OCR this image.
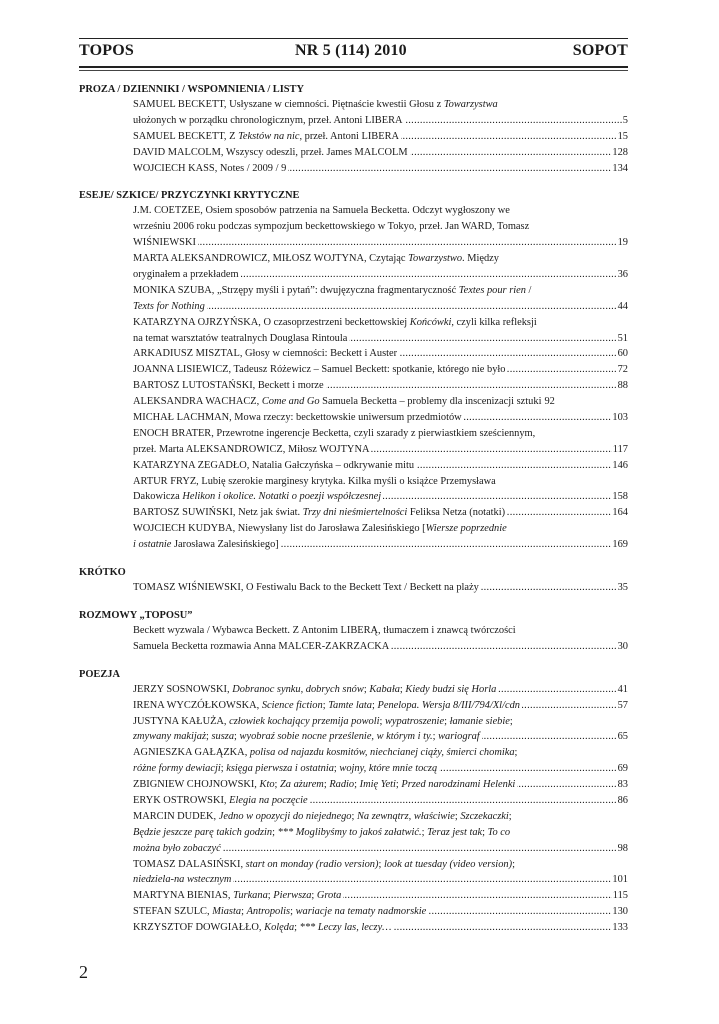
TOPOS	NR 5 (114) 2010	SOPOT
PROZA / DZIENNIKI / WSPOMNIENIA / LISTY
SAMUEL BECKETT, Usłyszane w ciemności. Piętnaście kwestii Głosu z Towarzystwa
ułożonych w porządku chronologicznym, przeł. Antoni LIBERA .....	5
SAMUEL BECKETT, Z Tekstów na nic, przeł. Antoni LIBERA .....	15
DAVID MALCOLM, Wszyscy odeszli, przeł. James MALCOLM .....	128
WOJCIECH KASS, Notes / 2009 / 9 .....	134
ESEJE/ SZKICE/ PRZYCZYNKI KRYTYCZNE
J.M. COETZEE, Osiem sposobów patrzenia na Samuela Becketta. Odczyt wygłoszony we
wrześniu 2006 roku podczas sympozjum beckettowskiego w Tokyo, przeł. Jan WARD, Tomasz
WIŚNIEWSKI .....	19
MARTA ALEKSANDROWICZ, MIŁOSZ WOJTYNA, Czytając Towarzystwo. Między
oryginałem a przekładem .....	36
MONIKA SZUBA, „Strzępy myśli i pytań”: dwujęzyczna fragmentaryczność Textes pour rien /
Texts for Nothing .....	44
KATARZYNA OJRZYŃSKA, O czasoprzestrzeni beckettowskiej Końcówki, czyli kilka refleksji
na temat warsztatów teatralnych Douglasa Rintoula .....	51
ARKADIUSZ MISZTAL, Głosy w ciemności: Beckett i Auster .....	60
JOANNA LISIEWICZ, Tadeusz Różewicz – Samuel Beckett: spotkanie, którego nie było .....	72
BARTOSZ LUTOSTAŃSKI, Beckett i morze .....	88
ALEKSANDRA WACHACZ, Come and Go Samuela Becketta – problemy dla inscenizacji sztuki 92
MICHAŁ LACHMAN, Mowa rzeczy: beckettowskie uniwersum przedmiotów .....	103
ENOCH BRATER, Przewrotne ingerencje Becketta, czyli szarady z pierwiastkiem sześciennym,
przeł. Marta ALEKSANDROWICZ, Miłosz WOJTYNA .....	117
KATARZYNA ZEGADŁO, Natalia Gałczyńska – odkrywanie mitu .....	146
ARTUR FRYZ, Lubię szerokie marginesy krytyka. Kilka myśli o książce Przemysława
Dakowicza Helikon i okolice. Notatki o poezji współczesnej .....	158
BARTOSZ SUWIŃSKI, Netz jak świat. Trzy dni nieśmiertelności Feliksa Netza (notatki) .....	164
WOJCIECH KUDYBA, Niewysłany list do Jarosława Zalesińskiego [Wiersze poprzednie
i ostatnie Jarosława Zalesińskiego] .....	169
KRÓTKO
TOMASZ WIŚNIEWSKI, O Festiwalu Back to the Beckett Text / Beckett na plaży .....	35
ROZMOWY „TOPOSU”
Beckett wyzwala / Wybawca Beckett. Z Antonim LIBERĄ, tłumaczem i znawcą twórczości
Samuela Becketta rozmawia Anna MALCER-ZAKRZACKA .....	30
POEZJA
JERZY SOSNOWSKI, Dobranoc synku, dobrych snów; Kabała; Kiedy budzi się Horla .....	41
IRENA WYCZÓŁKOWSKA, Science fiction; Tamte lata; Penelopa. Wersja 8/III/794/Xl/cdn .....	57
JUSTYNA KAŁUŻA, człowiek kochający przemija powoli; wypatroszenie; łamanie siebie;
zmywany makijaż; susza; wyobraź sobie nocne prześlenie, w którym i ty.; wariograf .....	65
AGNIESZKA GAŁĄZKA, polisa od najazdu kosmitów, niechcianej ciąży, śmierci chomika;
różne formy dewiacji; księga pierwsza i ostatnia; wojny, które mnie toczą .....	69
ZBIGNIEW CHOJNOWSKI, Kto; Za ażurem; Radio; Imię Yeti; Przed narodzinami Helenki .....	83
ERYK OSTROWSKI, Elegia na poczęcie .....	86
MARCIN DUDEK, Jedno w opozycji do niejednego; Na zewnątrz, właściwie; Szczekaczki;
Będzie jeszcze parę takich godzin; *** Moglibyśmy to jakoś załatwić.; Teraz jest tak; To co
można było zobaczyć .....	98
TOMASZ DALASIŃSKI, start on monday (radio version); look at tuesday (video version);
niedziela-na wstecznym .....	101
MARTYNA BIENIAS, Turkana; Pierwsza; Grota .....	115
STEFAN SZULC, Miasta; Antropolis; wariacje na tematy nadmorskie .....	130
KRZYSZTOF DOWGIAŁŁO, Kolęda; *** Leczy las, leczy… .....	133
2
